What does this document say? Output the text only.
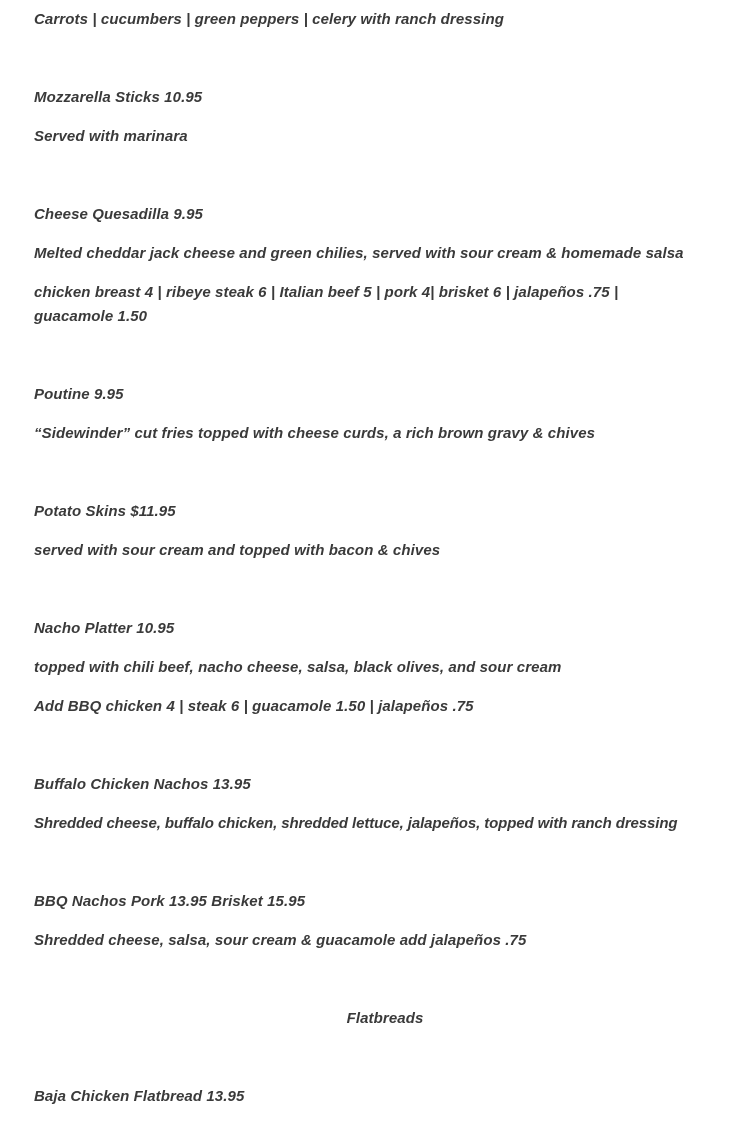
Carrots | cucumbers | green peppers | celery with ranch dressing

Mozzarella Sticks 10.95

Served with marinara

Cheese Quesadilla 9.95

Melted cheddar jack cheese and green chilies, served with sour cream & homemade salsa

chicken breast 4 | ribeye steak 6 | Italian beef 5 | pork 4| brisket 6 | jalapeños .75 | guacamole 1.50

Poutine 9.95

“Sidewinder” cut fries topped with cheese curds, a rich brown gravy & chives

Potato Skins $11.95

served with sour cream and topped with bacon & chives

Nacho Platter 10.95

topped with chili beef, nacho cheese, salsa, black olives, and sour cream

Add BBQ chicken 4 | steak 6 | guacamole 1.50 | jalapeños .75

Buffalo Chicken Nachos 13.95

Shredded cheese, buffalo chicken, shredded lettuce, jalapeños, topped with ranch dressing

BBQ Nachos Pork 13.95 Brisket 15.95

Shredded cheese, salsa, sour cream & guacamole add jalapeños .75

Flatbreads

Baja Chicken Flatbread 13.95
